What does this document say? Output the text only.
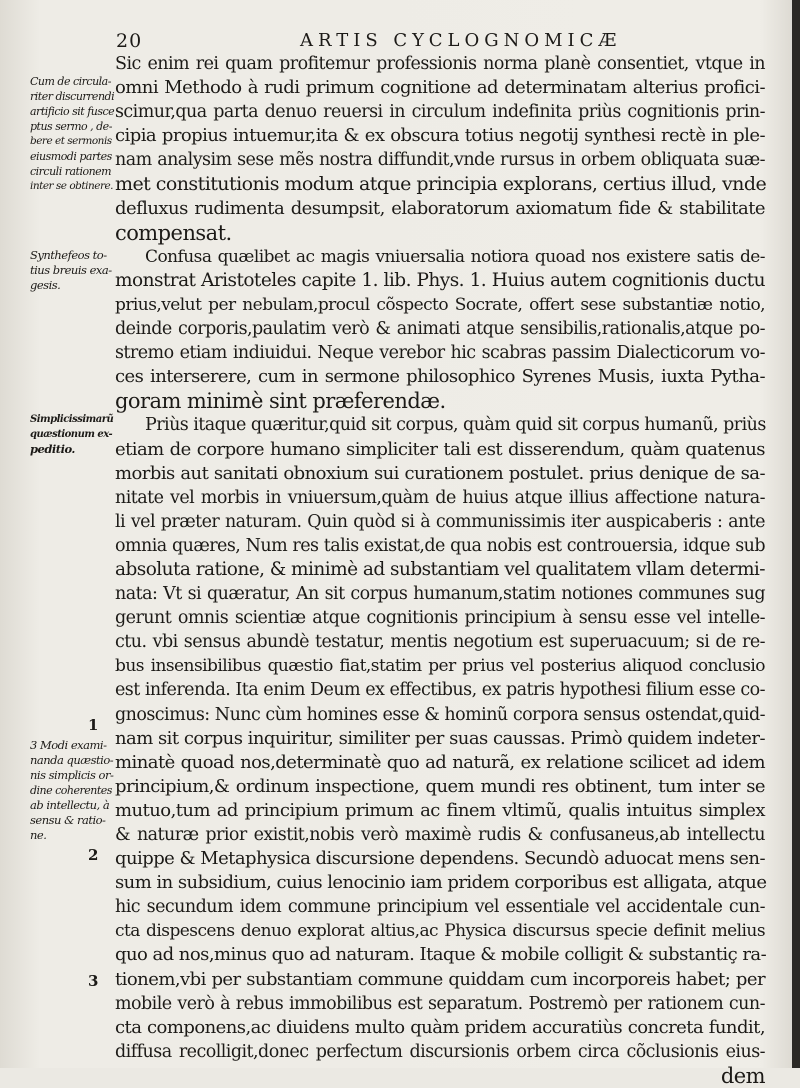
20	ARTIS CYCLOGNOMICÆ
Cum de circula-
riter discurrendi
artificio sit fusce
ptus sermo , de-
bere et sermonis
eiusmodi partes
circuli rationem
inter se obtinere.
Synthefeos to-
tius breuis exa-
gesis.
Simplicissimarũ
quæstionum ex-
peditio.
1
3 Modi exami-
nanda quæstio-
nis simplicis or-
dine coherentes
ab intellectu, à
sensu & ratio-
ne.
2
3
Sic enim rei quam profitemur professionis norma planè consentiet, vtque in
omni Methodo à rudi primum cognitione ad determinatam alterius profici-
scimur,qua parta denuo reuersi in circulum indefinita priùs cognitionis prin-
cipia propius intuemur,ita & ex obscura totius negotij synthesi rectè in ple-
nam analysim sese mẽs nostra diffundit,vnde rursus in orbem obliquata suæ-
met constitutionis modum atque principia explorans, certius illud, vnde
defluxus rudimenta desumpsit, elaboratorum axiomatum fide & stabilitate
compensat.
Confusa quælibet ac magis vniuersalia notiora quoad nos existere satis de-
monstrat Aristoteles capite 1. lib. Phys. 1. Huius autem cognitionis ductu
prius,velut per nebulam,procul cõspecto Socrate, offert sese substantiæ notio,
deinde corporis,paulatim verò & animati atque sensibilis,rationalis,atque po-
stremo etiam indiuidui. Neque verebor hic scabras passim Dialecticorum vo-
ces interserere, cum in sermone philosophico Syrenes Musis, iuxta Pytha-
goram minimè sint præferendæ.
Priùs itaque quæritur,quid sit corpus, quàm quid sit corpus humanũ, priùs
etiam de corpore humano simpliciter tali est disserendum, quàm quatenus
morbis aut sanitati obnoxium sui curationem postulet. prius denique de sa-
nitate vel morbis in vniuersum,quàm de huius atque illius affectione natura-
li vel præter naturam. Quin quòd si à communissimis iter auspicaberis : ante
omnia quæres, Num res talis existat,de qua nobis est controuersia, idque sub
absoluta ratione, & minimè ad substantiam vel qualitatem vllam determi-
nata: Vt si quæratur, An sit corpus humanum,statim notiones communes sug
gerunt omnis scientiæ atque cognitionis principium à sensu esse vel intelle-
ctu. vbi sensus abundè testatur, mentis negotium est superuacuum; si de re-
bus insensibilibus quæstio fiat,statim per prius vel posterius aliquod conclusio
est inferenda. Ita enim Deum ex effectibus, ex patris hypothesi filium esse co-
gnoscimus: Nunc cùm homines esse & hominũ corpora sensus ostendat,quid-
nam sit corpus inquiritur, similiter per suas caussas. Primò quidem indeter-
minatè quoad nos,determinatè quo ad naturã, ex relatione scilicet ad idem
principium,& ordinum inspectione, quem mundi res obtinent, tum inter se
mutuo,tum ad principium primum ac finem vltimũ, qualis intuitus simplex
& naturæ prior existit,nobis verò maximè rudis & confusaneus,ab intellectu
quippe & Metaphysica discursione dependens. Secundò aduocat mens sen-
sum in subsidium, cuius lenocinio iam pridem corporibus est alligata, atque
hic secundum idem commune principium vel essentiale vel accidentale cun-
cta dispescens denuo explorat altius,ac Physica discursus specie definit melius
quo ad nos,minus quo ad naturam. Itaque & mobile colligit & substantiç ra-
tionem,vbi per substantiam commune quiddam cum incorporeis habet; per
mobile verò à rebus immobilibus est separatum. Postremò per rationem cun-
cta componens,ac diuidens multo quàm pridem accuratiùs concreta fundit,
diffusa recolligit,donec perfectum discursionis orbem circa cõclusionis eius-
dem
